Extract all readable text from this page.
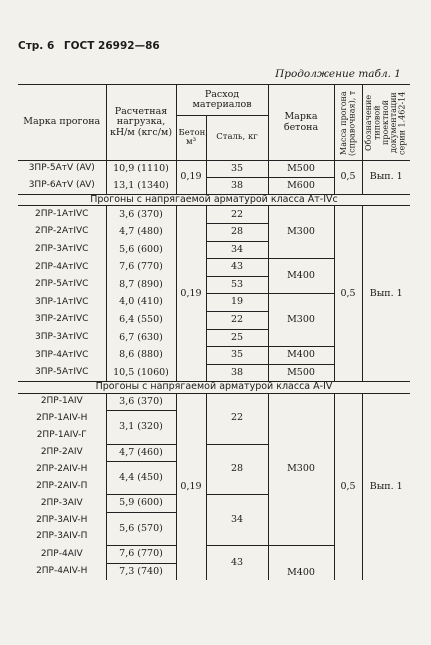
Стр. 6 ГОСТ 26992—86
Продолжение табл. 1
Марка прогона	Расчетная нагрузка, кН/м (кгс/м)	Расход материалов		Марка бетона	Масса прогона (справочная), т	Обозначение типовой проектной документации серии 1.462-14

		Бетон, м³	Сталь, кг			
3ПР-5АтV (AV)	10,9 (1110)	0,19	35	M500	0,5	Вып. 1
3ПР-6АтV (AV)	13,1 (1340)		38	M600		
Прогоны с напрягаемой арматурой класса Ат-IVс						
2ПР-1АтIVС	3,6 (370)	0,19	22	M300	0,5	Вып. 1
2ПР-2АтIVС	4,7 (480)		28			
2ПР-3АтIVС	5,6 (600)		34			
2ПР-4АтIVС	7,6 (770)		43	M400		
2ПР-5АтIVС	8,7 (890)		53			
3ПР-1АтIVС	4,0 (410)		19	M300		
3ПР-2АтIVС	6,4 (550)		22			
3ПР-3АтIVС	6,7 (630)		25			
3ПР-4АтIVС	8,6 (880)		35	M400		
3ПР-5АтIVС	10,5 (1060)		38	M500		
Прогоны с напрягаемой арматурой класса А-IV						
2ПР-1АIV	3,6 (370)	0,19	22	M300	0,5	Вып. 1
2ПР-1АIV-Н	3,1 (320)					
2ПР-1АIV-Г						
2ПР-2АIV	4,7 (460)		28			
2ПР-2АIV-Н	4,4 (450)					
2ПР-2АIV-П						
2ПР-3АIV	5,9 (600)		34			
2ПР-3АIV-Н	5,6 (570)					
2ПР-3АIV-П						
2ПР-4АIV	7,6 (770)		43	M400		
2ПР-4АIV-Н	7,3 (740)					
